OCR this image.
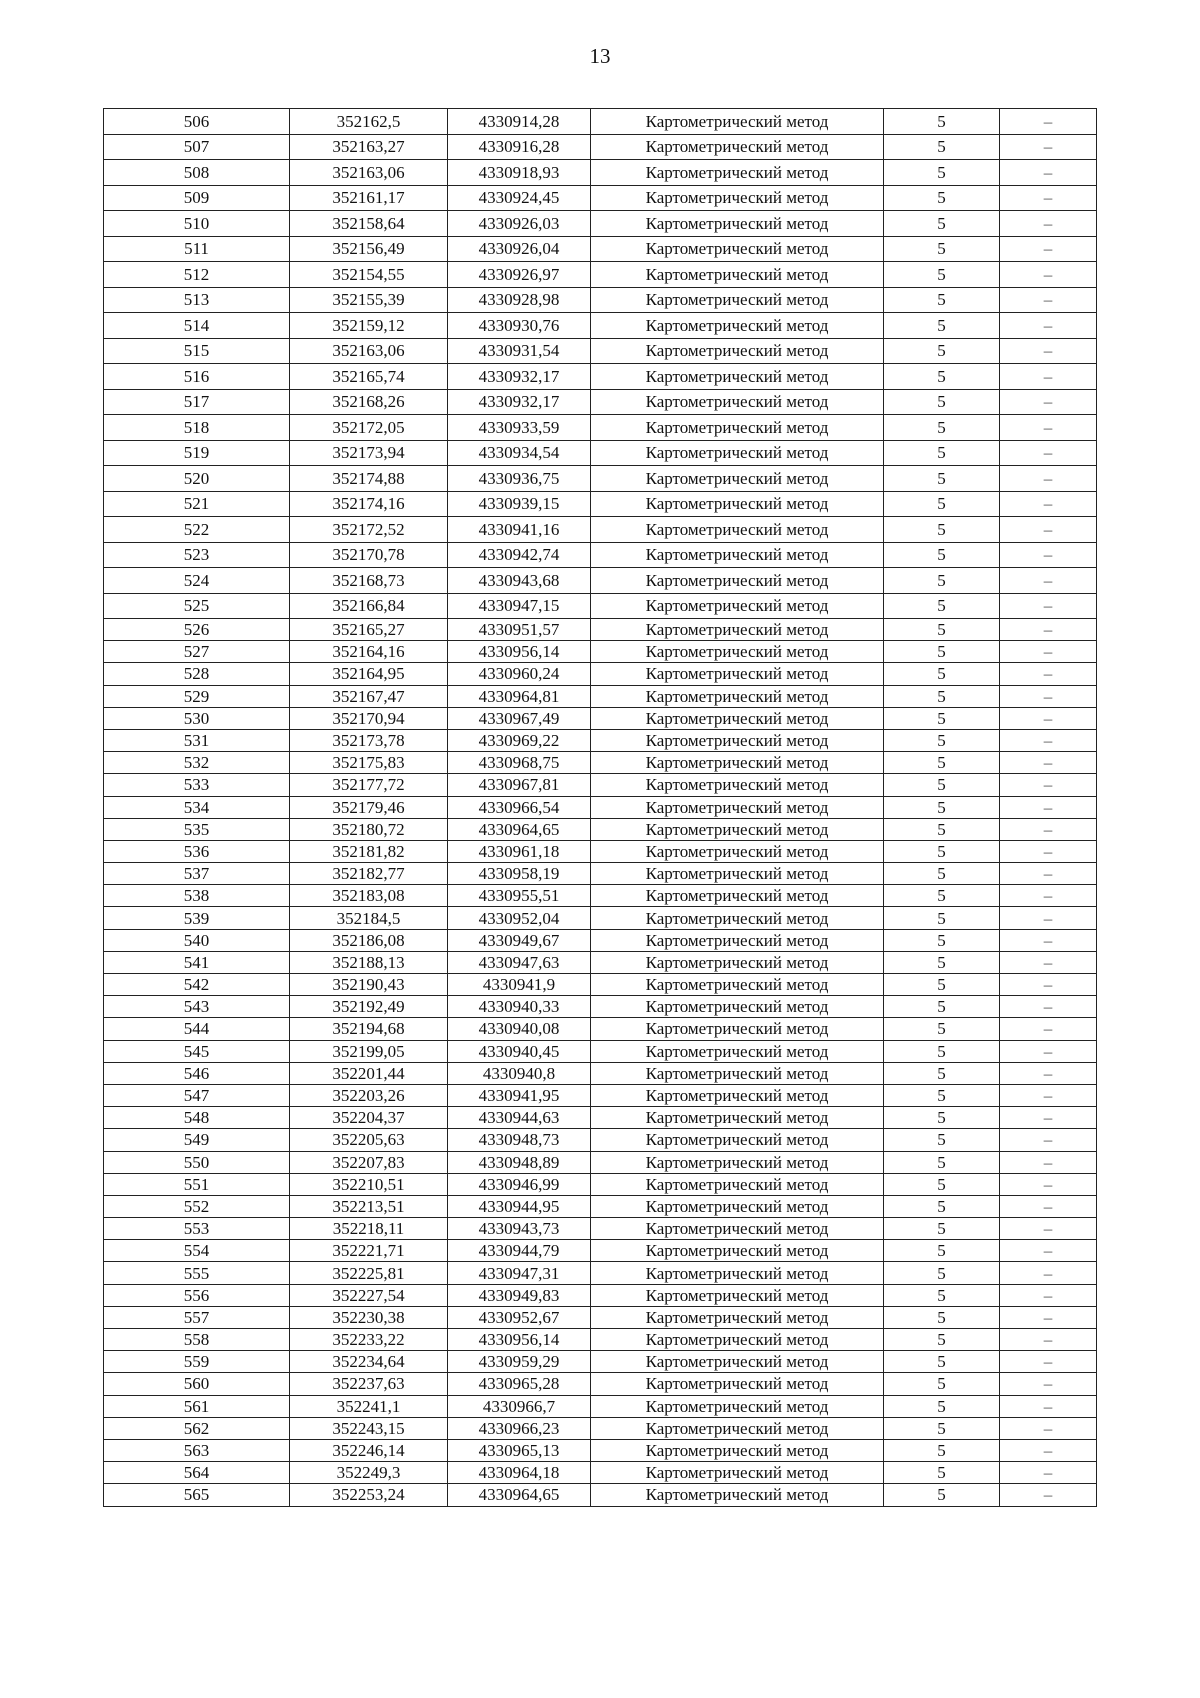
13
506	352162,5	4330914,28	Картометрический метод	5	–
507	352163,27	4330916,28	Картометрический метод	5	–
508	352163,06	4330918,93	Картометрический метод	5	–
509	352161,17	4330924,45	Картометрический метод	5	–
510	352158,64	4330926,03	Картометрический метод	5	–
511	352156,49	4330926,04	Картометрический метод	5	–
512	352154,55	4330926,97	Картометрический метод	5	–
513	352155,39	4330928,98	Картометрический метод	5	–
514	352159,12	4330930,76	Картометрический метод	5	–
515	352163,06	4330931,54	Картометрический метод	5	–
516	352165,74	4330932,17	Картометрический метод	5	–
517	352168,26	4330932,17	Картометрический метод	5	–
518	352172,05	4330933,59	Картометрический метод	5	–
519	352173,94	4330934,54	Картометрический метод	5	–
520	352174,88	4330936,75	Картометрический метод	5	–
521	352174,16	4330939,15	Картометрический метод	5	–
522	352172,52	4330941,16	Картометрический метод	5	–
523	352170,78	4330942,74	Картометрический метод	5	–
524	352168,73	4330943,68	Картометрический метод	5	–
525	352166,84	4330947,15	Картометрический метод	5	–
526	352165,27	4330951,57	Картометрический метод	5	–
527	352164,16	4330956,14	Картометрический метод	5	–
528	352164,95	4330960,24	Картометрический метод	5	–
529	352167,47	4330964,81	Картометрический метод	5	–
530	352170,94	4330967,49	Картометрический метод	5	–
531	352173,78	4330969,22	Картометрический метод	5	–
532	352175,83	4330968,75	Картометрический метод	5	–
533	352177,72	4330967,81	Картометрический метод	5	–
534	352179,46	4330966,54	Картометрический метод	5	–
535	352180,72	4330964,65	Картометрический метод	5	–
536	352181,82	4330961,18	Картометрический метод	5	–
537	352182,77	4330958,19	Картометрический метод	5	–
538	352183,08	4330955,51	Картометрический метод	5	–
539	352184,5	4330952,04	Картометрический метод	5	–
540	352186,08	4330949,67	Картометрический метод	5	–
541	352188,13	4330947,63	Картометрический метод	5	–
542	352190,43	4330941,9	Картометрический метод	5	–
543	352192,49	4330940,33	Картометрический метод	5	–
544	352194,68	4330940,08	Картометрический метод	5	–
545	352199,05	4330940,45	Картометрический метод	5	–
546	352201,44	4330940,8	Картометрический метод	5	–
547	352203,26	4330941,95	Картометрический метод	5	–
548	352204,37	4330944,63	Картометрический метод	5	–
549	352205,63	4330948,73	Картометрический метод	5	–
550	352207,83	4330948,89	Картометрический метод	5	–
551	352210,51	4330946,99	Картометрический метод	5	–
552	352213,51	4330944,95	Картометрический метод	5	–
553	352218,11	4330943,73	Картометрический метод	5	–
554	352221,71	4330944,79	Картометрический метод	5	–
555	352225,81	4330947,31	Картометрический метод	5	–
556	352227,54	4330949,83	Картометрический метод	5	–
557	352230,38	4330952,67	Картометрический метод	5	–
558	352233,22	4330956,14	Картометрический метод	5	–
559	352234,64	4330959,29	Картометрический метод	5	–
560	352237,63	4330965,28	Картометрический метод	5	–
561	352241,1	4330966,7	Картометрический метод	5	–
562	352243,15	4330966,23	Картометрический метод	5	–
563	352246,14	4330965,13	Картометрический метод	5	–
564	352249,3	4330964,18	Картометрический метод	5	–
565	352253,24	4330964,65	Картометрический метод	5	–
